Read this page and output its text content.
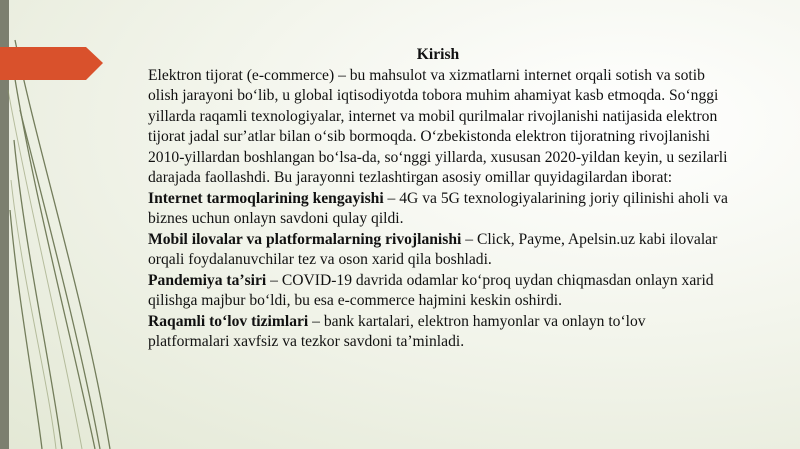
Kirish

Elektron tijorat (e-commerce) – bu mahsulot va xizmatlarni internet orqali sotish va sotib olish jarayoni boʻlib, u global iqtisodiyotda tobora muhim ahamiyat kasb etmoqda. Soʻnggi yillarda raqamli texnologiyalar, internet va mobil qurilmalar rivojlanishi natijasida elektron tijorat jadal surʼatlar bilan oʻsib bormoqda. Oʻzbekistonda elektron tijoratning rivojlanishi 2010-yillardan boshlangan boʻlsa-da, soʻnggi yillarda, xususan 2020-yildan keyin, u sezilarli darajada faollashdi. Bu jarayonni tezlashtirgan asosiy omillar quyidagilardan iborat:

Internet tarmoqlarining kengayishi – 4G va 5G texnologiyalarining joriy qilinishi aholi va biznes uchun onlayn savdoni qulay qildi.

Mobil ilovalar va platformalarning rivojlanishi – Click, Payme, Apelsin.uz kabi ilovalar orqali foydalanuvchilar tez va oson xarid qila boshladi.

Pandemiya taʼsiri – COVID-19 davrida odamlar koʻproq uydan chiqmasdan onlayn xarid qilishga majbur boʻldi, bu esa e-commerce hajmini keskin oshirdi.

Raqamli toʻlov tizimlari – bank kartalari, elektron hamyonlar va onlayn toʻlov platformalari xavfsiz va tezkor savdoni taʼminladi.
